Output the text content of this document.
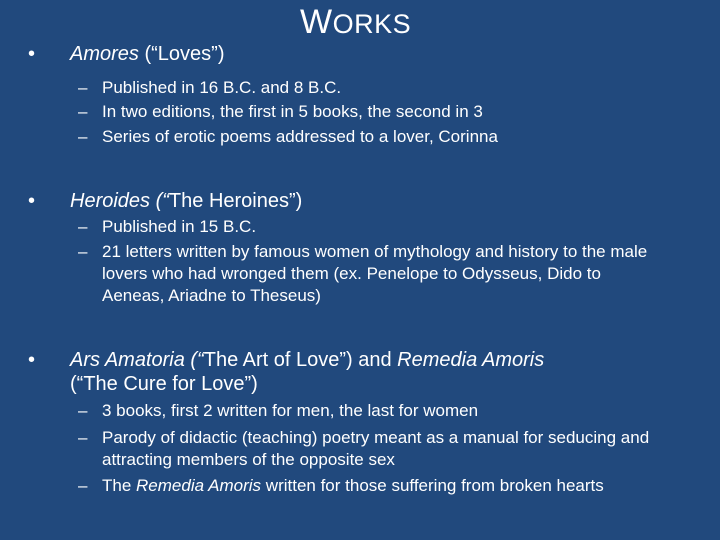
WORKS
• Amores (“Loves”)
– Published in 16 B.C. and 8 B.C.
– In two editions, the first in 5 books, the second in 3
– Series of erotic poems addressed to a lover, Corinna
• Heroides (“The Heroines”)
– Published in 15 B.C.
– 21 letters written by famous women of mythology and history to the male lovers who had wronged them (ex. Penelope to Odysseus, Dido to Aeneas, Ariadne to Theseus)
• Ars Amatoria (“The Art of Love”) and Remedia Amoris
(“The Cure for Love”)
– 3 books, first 2 written for men, the last for women
– Parody of didactic (teaching) poetry meant as a manual for seducing and attracting members of the opposite sex
– The Remedia Amoris written for those suffering from broken hearts
